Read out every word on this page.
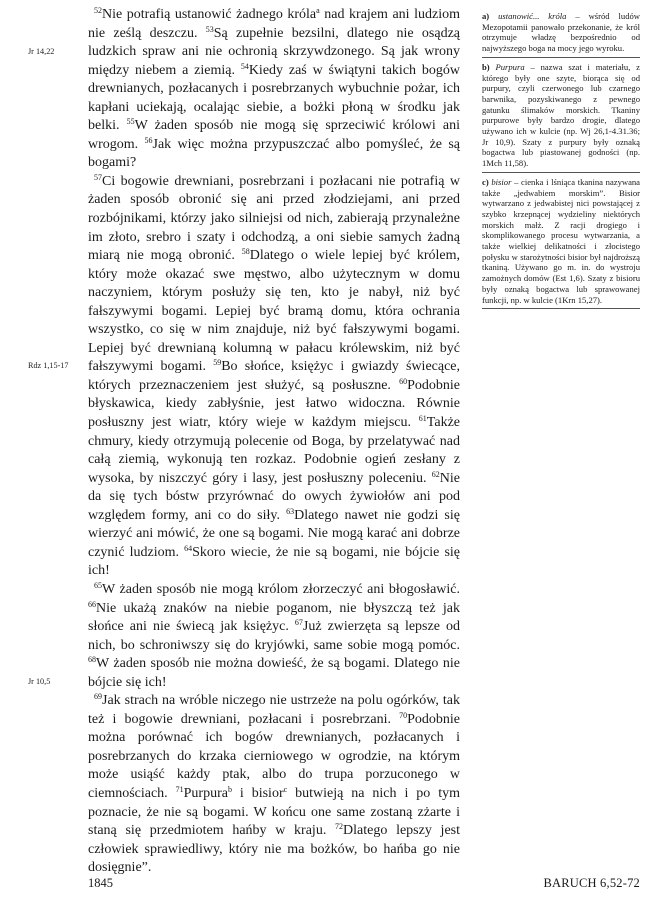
Jr 14,22
Rdz 1,15-17
Jr 10,5

$^{52}$Nie potrafią ustanowić żadnego króla$^a$ nad krajem ani ludziom nie ześlą deszczu. $^{53}$Są zupełnie bezsilni, dlatego nie osądzą ludzkich spraw ani nie ochronią skrzywdzonego. Są jak wrony między niebem a ziemią. $^{54}$Kiedy zaś w świątyni takich bogów drewnianych, pozłacanych i posrebrzanych wybuchnie pożar, ich kapłani uciekają, ocalając siebie, a bożki płoną w środku jak belki. $^{55}$W żaden sposób nie mogą się sprzeciwić królowi ani wrogom. $^{56}$Jak więc można przypuszczać albo pomyśleć, że są bogami?

$^{57}$Ci bogowie drewniani, posrebrzani i pozłacani nie potrafią w żaden sposób obronić się ani przed złodziejami, ani przed rozbójnikami, którzy jako silniejsi od nich, zabierają przynależne im złoto, srebro i szaty i odchodzą, a oni siebie samych żadną miarą nie mogą obronić. $^{58}$Dlatego o wiele lepiej być królem, który może okazać swe męstwo, albo użytecznym w domu naczyniem, którym posłuży się ten, kto je nabył, niż być fałszywymi bogami. Lepiej być bramą domu, która ochrania wszystko, co się w nim znajduje, niż być fałszywymi bogami. Lepiej być drewnianą kolumną w pałacu królewskim, niż być fałszywymi bogami. $^{59}$Bo słońce, księżyc i gwiazdy świecące, których przeznaczeniem jest służyć, są posłuszne. $^{60}$Podobnie błyskawica, kiedy zabłyśnie, jest łatwo widoczna. Równie posłuszny jest wiatr, który wieje w każdym miejscu. $^{61}$Także chmury, kiedy otrzymują polecenie od Boga, by przelatywać nad całą ziemią, wykonują ten rozkaz. Podobnie ogień zesłany z wysoka, by niszczyć góry i lasy, jest posłuszny poleceniu. $^{62}$Nie da się tych bóstw przyrównać do owych żywiołów ani pod względem formy, ani co do siły. $^{63}$Dlatego nawet nie godzi się wierzyć ani mówić, że one są bogami. Nie mogą karać ani dobrze czynić ludziom. $^{64}$Skoro wiecie, że nie są bogami, nie bójcie się ich!

$^{65}$W żaden sposób nie mogą królom złorzeczyć ani błogosławić. $^{66}$Nie ukażą znaków na niebie poganom, nie błyszczą też jak słońce ani nie świecą jak księżyc. $^{67}$Już zwierzęta są lepsze od nich, bo schroniwszy się do kryjówki, same sobie mogą pomóc. $^{68}$W żaden sposób nie można dowieść, że są bogami. Dlatego nie bójcie się ich!

$^{69}$Jak strach na wróble niczego nie ustrzeże na polu ogórków, tak też i bogowie drewniani, pozłacani i posrebrzani. $^{70}$Podobnie można porównać ich bogów drewnianych, pozłacanych i posrebrzanych do krzaka cierniowego w ogrodzie, na którym może usiąść każdy ptak, albo do trupa porzuconego w ciemnościach. $^{71}$Purpura$^b$ i bisior$^c$ butwieją na nich i po tym poznacie, że nie są bogami. W końcu one same zostaną zżarte i staną się przedmiotem hańby w kraju. $^{72}$Dlatego lepszy jest człowiek sprawiedliwy, który nie ma bożków, bo hańba go nie dosięgnie”.

a) ustanowić... króla – wśród ludów Mezopotamii panowało przekonanie, że król otrzymuje władzę bezpośrednio od najwyższego boga na mocy jego wyroku.
b) Purpura – nazwa szat i materiału, z którego były one szyte, biorąca się od purpury, czyli czerwonego lub czarnego barwnika, pozyskiwanego z pewnego gatunku ślimaków morskich. Tkaniny purpurowe były bardzo drogie, dlatego używano ich w kulcie (np. Wj 26,1-4.31.36; Jr 10,9). Szaty z purpury były oznaką bogactwa lub piastowanej godności (np. 1Mch 11,58).
c) bisior – cienka i lśniąca tkanina nazywana także „jedwabiem morskim”. Bisior wytwarzano z jedwabistej nici powstającej z szybko krzepnącej wydzieliny niektórych morskich małż. Z racji drogiego i skomplikowanego procesu wytwarzania, a także wielkiej delikatności i złocistego połysku w starożytności bisior był najdroższą tkaniną. Używano go m. in. do wystroju zamożnych domów (Est 1,6). Szaty z bisioru były oznaką bogactwa lub sprawowanej funkcji, np. w kulcie (1Krn 15,27).
1845	BARUCH 6,52-72
